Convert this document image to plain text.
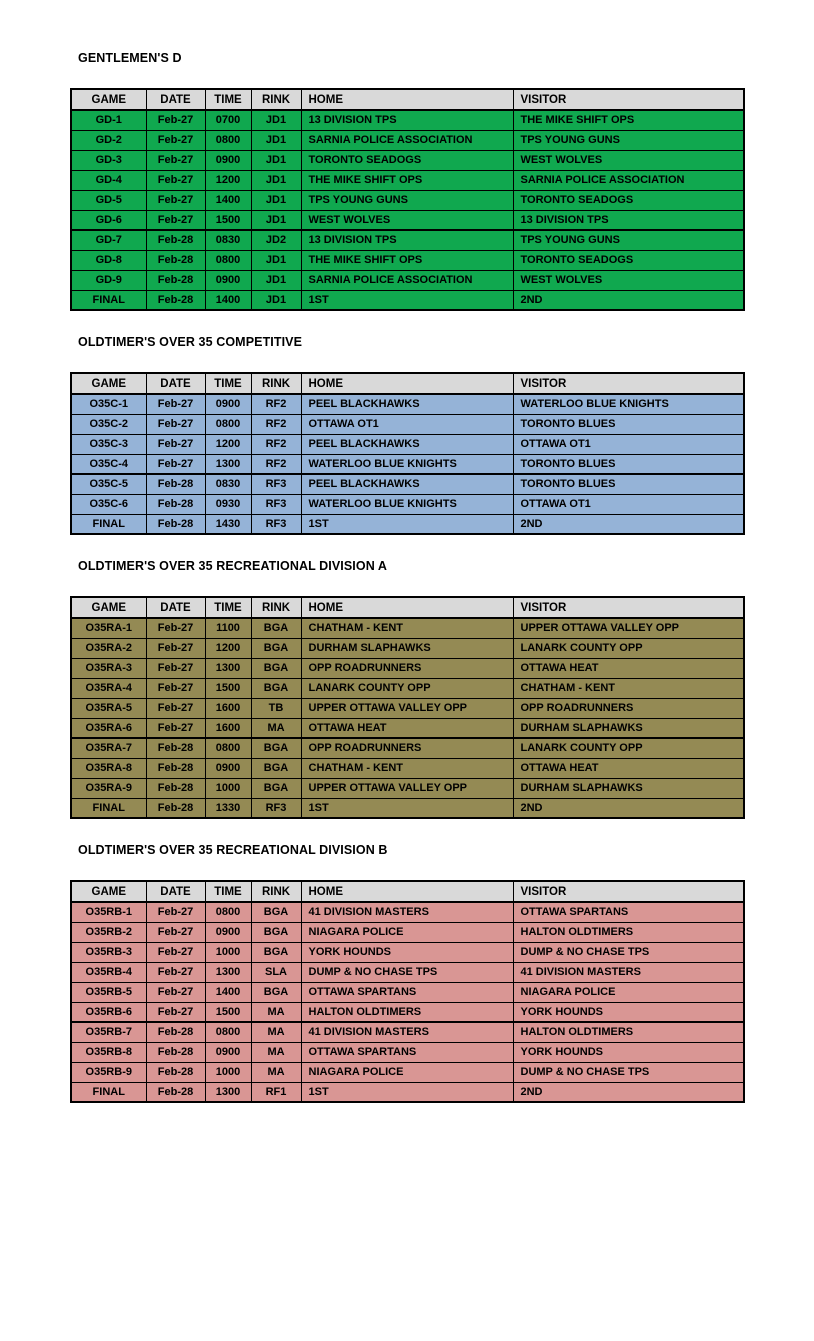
GENTLEMEN'S D
GAME	DATE	TIME	RINK	HOME	VISITOR
GD-1	Feb-27	0700	JD1	13 DIVISION TPS	THE MIKE SHIFT OPS
GD-2	Feb-27	0800	JD1	SARNIA POLICE ASSOCIATION	TPS YOUNG GUNS
GD-3	Feb-27	0900	JD1	TORONTO SEADOGS	WEST WOLVES
GD-4	Feb-27	1200	JD1	THE MIKE SHIFT OPS	SARNIA POLICE ASSOCIATION
GD-5	Feb-27	1400	JD1	TPS YOUNG GUNS	TORONTO SEADOGS
GD-6	Feb-27	1500	JD1	WEST WOLVES	13 DIVISION TPS
GD-7	Feb-28	0830	JD2	13 DIVISION TPS	TPS YOUNG GUNS
GD-8	Feb-28	0800	JD1	THE MIKE SHIFT OPS	TORONTO SEADOGS
GD-9	Feb-28	0900	JD1	SARNIA POLICE ASSOCIATION	WEST WOLVES
FINAL	Feb-28	1400	JD1	1ST	2ND
OLDTIMER'S OVER 35 COMPETITIVE
GAME	DATE	TIME	RINK	HOME	VISITOR
O35C-1	Feb-27	0900	RF2	PEEL BLACKHAWKS	WATERLOO BLUE KNIGHTS
O35C-2	Feb-27	0800	RF2	OTTAWA OT1	TORONTO BLUES
O35C-3	Feb-27	1200	RF2	PEEL BLACKHAWKS	OTTAWA OT1
O35C-4	Feb-27	1300	RF2	WATERLOO BLUE KNIGHTS	TORONTO BLUES
O35C-5	Feb-28	0830	RF3	PEEL BLACKHAWKS	TORONTO BLUES
O35C-6	Feb-28	0930	RF3	WATERLOO BLUE KNIGHTS	OTTAWA OT1
FINAL	Feb-28	1430	RF3	1ST	2ND
OLDTIMER'S OVER 35 RECREATIONAL DIVISION A
GAME	DATE	TIME	RINK	HOME	VISITOR
O35RA-1	Feb-27	1100	BGA	CHATHAM - KENT	UPPER OTTAWA VALLEY OPP
O35RA-2	Feb-27	1200	BGA	DURHAM SLAPHAWKS	LANARK COUNTY OPP
O35RA-3	Feb-27	1300	BGA	OPP ROADRUNNERS	OTTAWA HEAT
O35RA-4	Feb-27	1500	BGA	LANARK COUNTY OPP	CHATHAM - KENT
O35RA-5	Feb-27	1600	TB	UPPER OTTAWA VALLEY OPP	OPP ROADRUNNERS
O35RA-6	Feb-27	1600	MA	OTTAWA HEAT	DURHAM SLAPHAWKS
O35RA-7	Feb-28	0800	BGA	OPP ROADRUNNERS	LANARK COUNTY OPP
O35RA-8	Feb-28	0900	BGA	CHATHAM - KENT	OTTAWA HEAT
O35RA-9	Feb-28	1000	BGA	UPPER OTTAWA VALLEY OPP	DURHAM SLAPHAWKS
FINAL	Feb-28	1330	RF3	1ST	2ND
OLDTIMER'S OVER 35 RECREATIONAL DIVISION B
GAME	DATE	TIME	RINK	HOME	VISITOR
O35RB-1	Feb-27	0800	BGA	41 DIVISION MASTERS	OTTAWA SPARTANS
O35RB-2	Feb-27	0900	BGA	NIAGARA POLICE	HALTON OLDTIMERS
O35RB-3	Feb-27	1000	BGA	YORK HOUNDS	DUMP & NO CHASE TPS
O35RB-4	Feb-27	1300	SLA	DUMP & NO CHASE TPS	41 DIVISION MASTERS
O35RB-5	Feb-27	1400	BGA	OTTAWA SPARTANS	NIAGARA POLICE
O35RB-6	Feb-27	1500	MA	HALTON OLDTIMERS	YORK HOUNDS
O35RB-7	Feb-28	0800	MA	41 DIVISION MASTERS	HALTON OLDTIMERS
O35RB-8	Feb-28	0900	MA	OTTAWA SPARTANS	YORK HOUNDS
O35RB-9	Feb-28	1000	MA	NIAGARA POLICE	DUMP & NO CHASE TPS
FINAL	Feb-28	1300	RF1	1ST	2ND
